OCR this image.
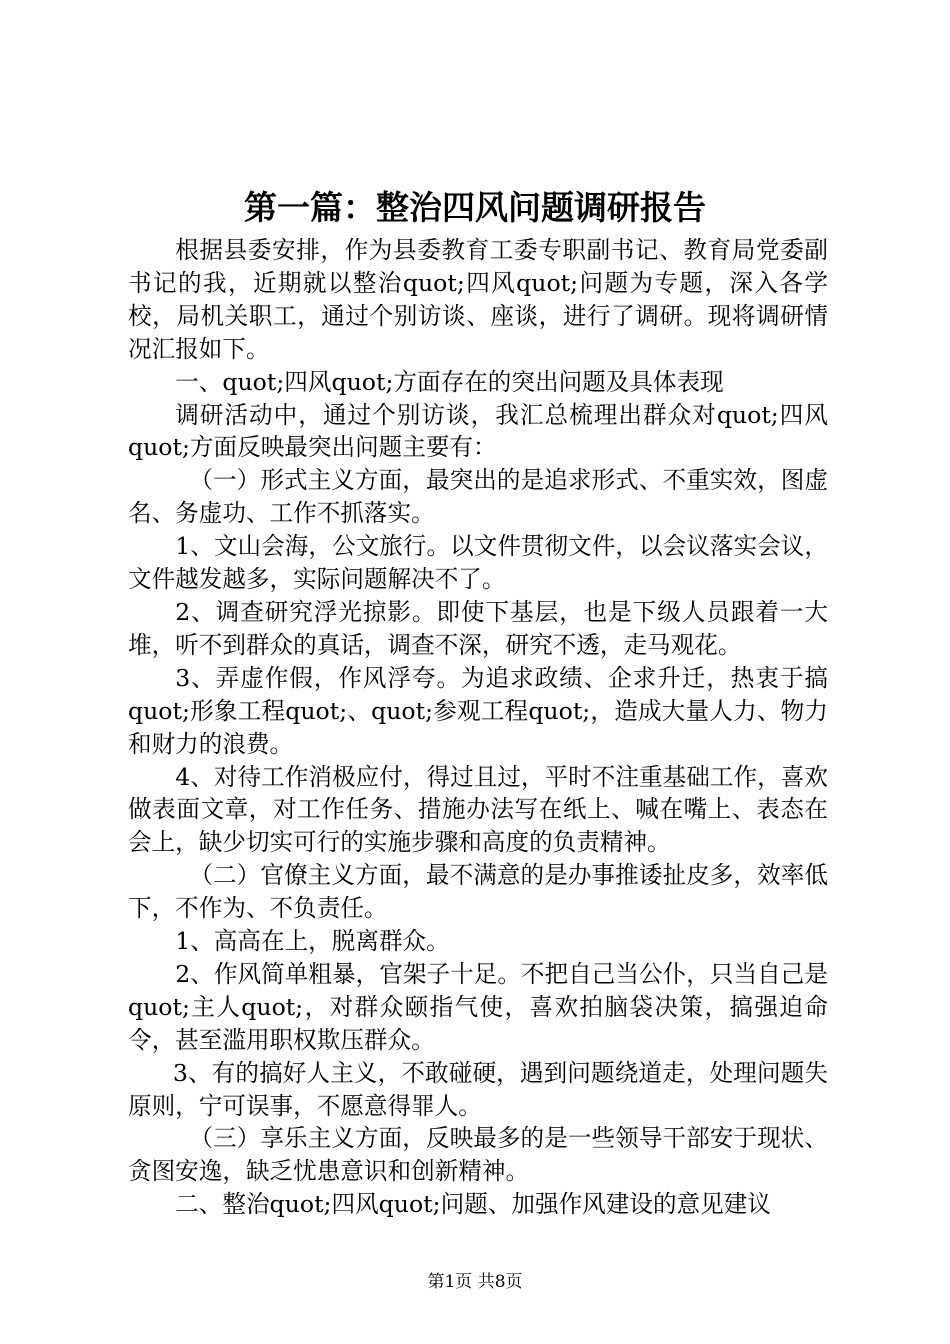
第一篇：整治四风问题调研报告

根据县委安排，作为县委教育工委专职副书记、教育局党委副书记的我，近期就以整治quot;四风quot;问题为专题，深入各学校，局机关职工，通过个别访谈、座谈，进行了调研。现将调研情况汇报如下。

一、quot;四风quot;方面存在的突出问题及具体表现

调研活动中，通过个别访谈，我汇总梳理出群众对quot;四风quot;方面反映最突出问题主要有：

（一）形式主义方面，最突出的是追求形式、不重实效，图虚名、务虚功、工作不抓落实。

1、文山会海，公文旅行。以文件贯彻文件，以会议落实会议，文件越发越多，实际问题解决不了。

2、调查研究浮光掠影。即使下基层，也是下级人员跟着一大堆，听不到群众的真话，调查不深，研究不透，走马观花。

3、弄虚作假，作风浮夸。为追求政绩、企求升迁，热衷于搞quot;形象工程quot;、quot;参观工程quot;，造成大量人力、物力和财力的浪费。

4、对待工作消极应付，得过且过，平时不注重基础工作，喜欢做表面文章，对工作任务、措施办法写在纸上、喊在嘴上、表态在会上，缺少切实可行的实施步骤和高度的负责精神。

（二）官僚主义方面，最不满意的是办事推诿扯皮多，效率低下，不作为、不负责任。

1、高高在上，脱离群众。

2、作风简单粗暴，官架子十足。不把自己当公仆，只当自己是quot;主人quot;，对群众颐指气使，喜欢拍脑袋决策，搞强迫命令，甚至滥用职权欺压群众。

3、有的搞好人主义，不敢碰硬，遇到问题绕道走，处理问题失原则，宁可误事，不愿意得罪人。

（三）享乐主义方面，反映最多的是一些领导干部安于现状、贪图安逸，缺乏忧患意识和创新精神。

二、整治quot;四风quot;问题、加强作风建设的意见建议

第1页 共8页
